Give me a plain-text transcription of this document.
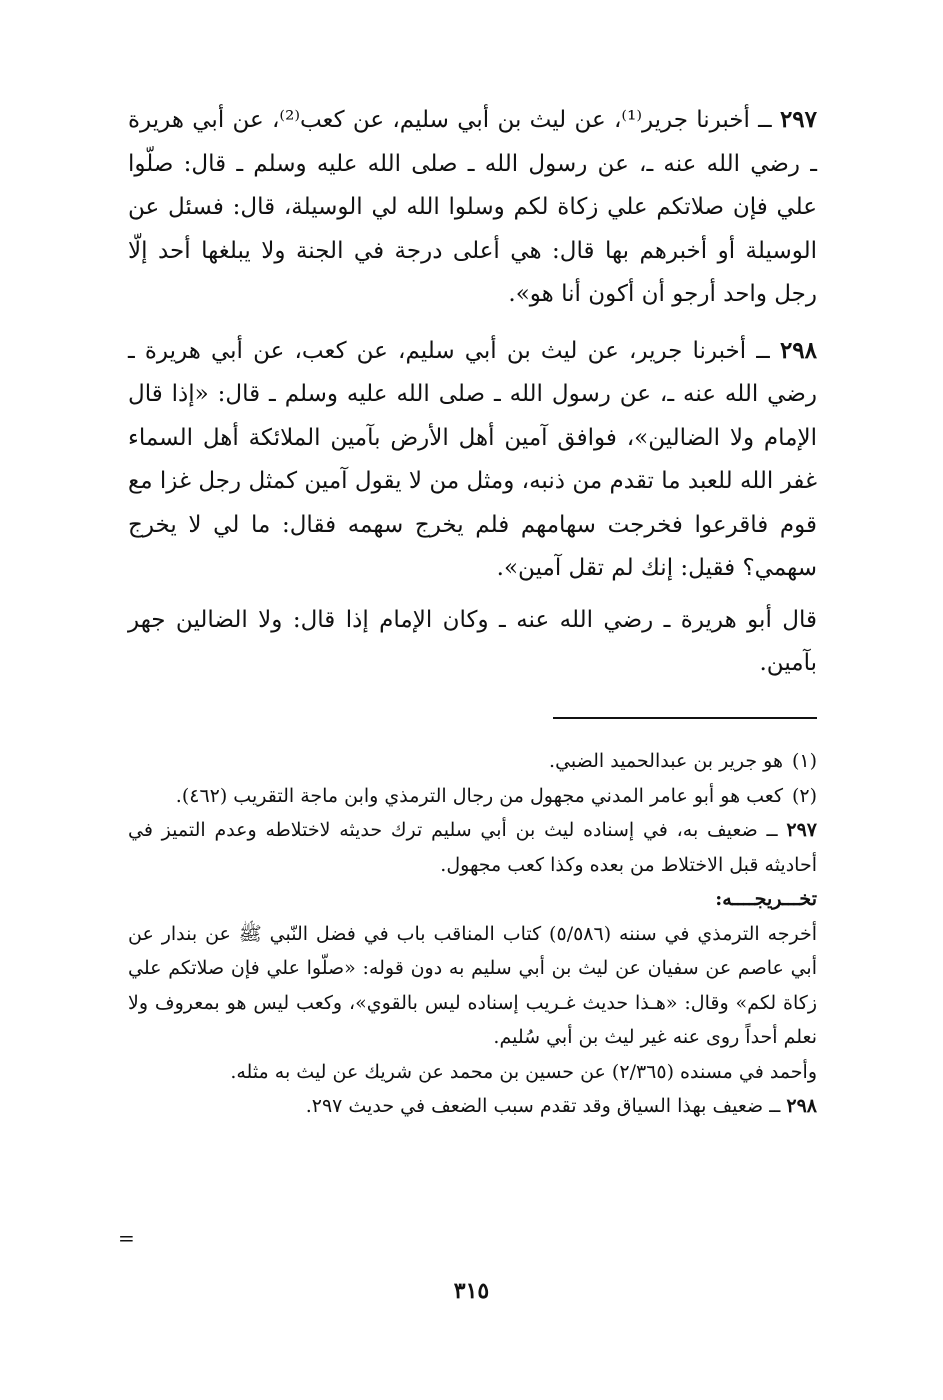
٢٩٧ ــ أخبرنا جرير⁽¹⁾، عن ليث بن أبي سليم، عن كعب⁽²⁾، عن أبي هريرة ـ رضي الله عنه ـ، عن رسول الله ـ صلى الله عليه وسلم ـ قال: صلّوا علي فإن صلاتكم علي زكاة لكم وسلوا الله لي الوسيلة، قال: فسئل عن الوسيلة أو أخبرهم بها قال: هي أعلى درجة في الجنة ولا يبلغها أحد إلّا رجل واحد أرجو أن أكون أنا هو».

٢٩٨ ــ أخبرنا جرير، عن ليث بن أبي سليم، عن كعب، عن أبي هريرة ـ رضي الله عنه ـ، عن رسول الله ـ صلى الله عليه وسلم ـ قال: «إذا قال الإمام ولا الضالين»، فوافق آمين أهل الأرض بآمين الملائكة أهل السماء غفر الله للعبد ما تقدم من ذنبه، ومثل من لا يقول آمين كمثل رجل غزا مع قوم فاقرعوا فخرجت سهامهم فلم يخرج سهمه فقال: ما لي لا يخرج سهمي؟ فقيل: إنك لم تقل آمين».

قال أبو هريرة ـ رضي الله عنه ـ وكان الإمام إذا قال: ولا الضالين جهر بآمين.

(١)
هو جرير بن عبدالحميد الضبي.
(٢)
كعب هو أبو عامر المدني مجهول من رجال الترمذي وابن ماجة التقريب (٤٦٢).

٢٩٧ ــ ضعيف به، في إسناده ليث بن أبي سليم ترك حديثه لاختلاطه وعدم التميز في أحاديثه قبل الاختلاط من بعده وكذا كعب مجهول.

تخـــريجــــه:

أخرجه الترمذي في سننه (٥/٥٨٦) كتاب المناقب باب في فضل النّبي ﷺ عن بندار عن أبي عاصم عن سفيان عن ليث بن أبي سليم به دون قوله: «صلّوا علي فإن صلاتكم علي زكاة لكم» وقال: «هـذا حديث غـريب إسناده ليس بالقوي»، وكعب ليس هو بمعروف ولا نعلم أحداً روى عنه غير ليث بن أبي سُليم.

وأحمد في مسنده (٢/٣٦٥) عن حسين بن محمد عن شريك عن ليث به مثله.

٢٩٨ ــ ضعيف بهذا السياق وقد تقدم سبب الضعف في حديث ٢٩٧.

=
٣١٥
